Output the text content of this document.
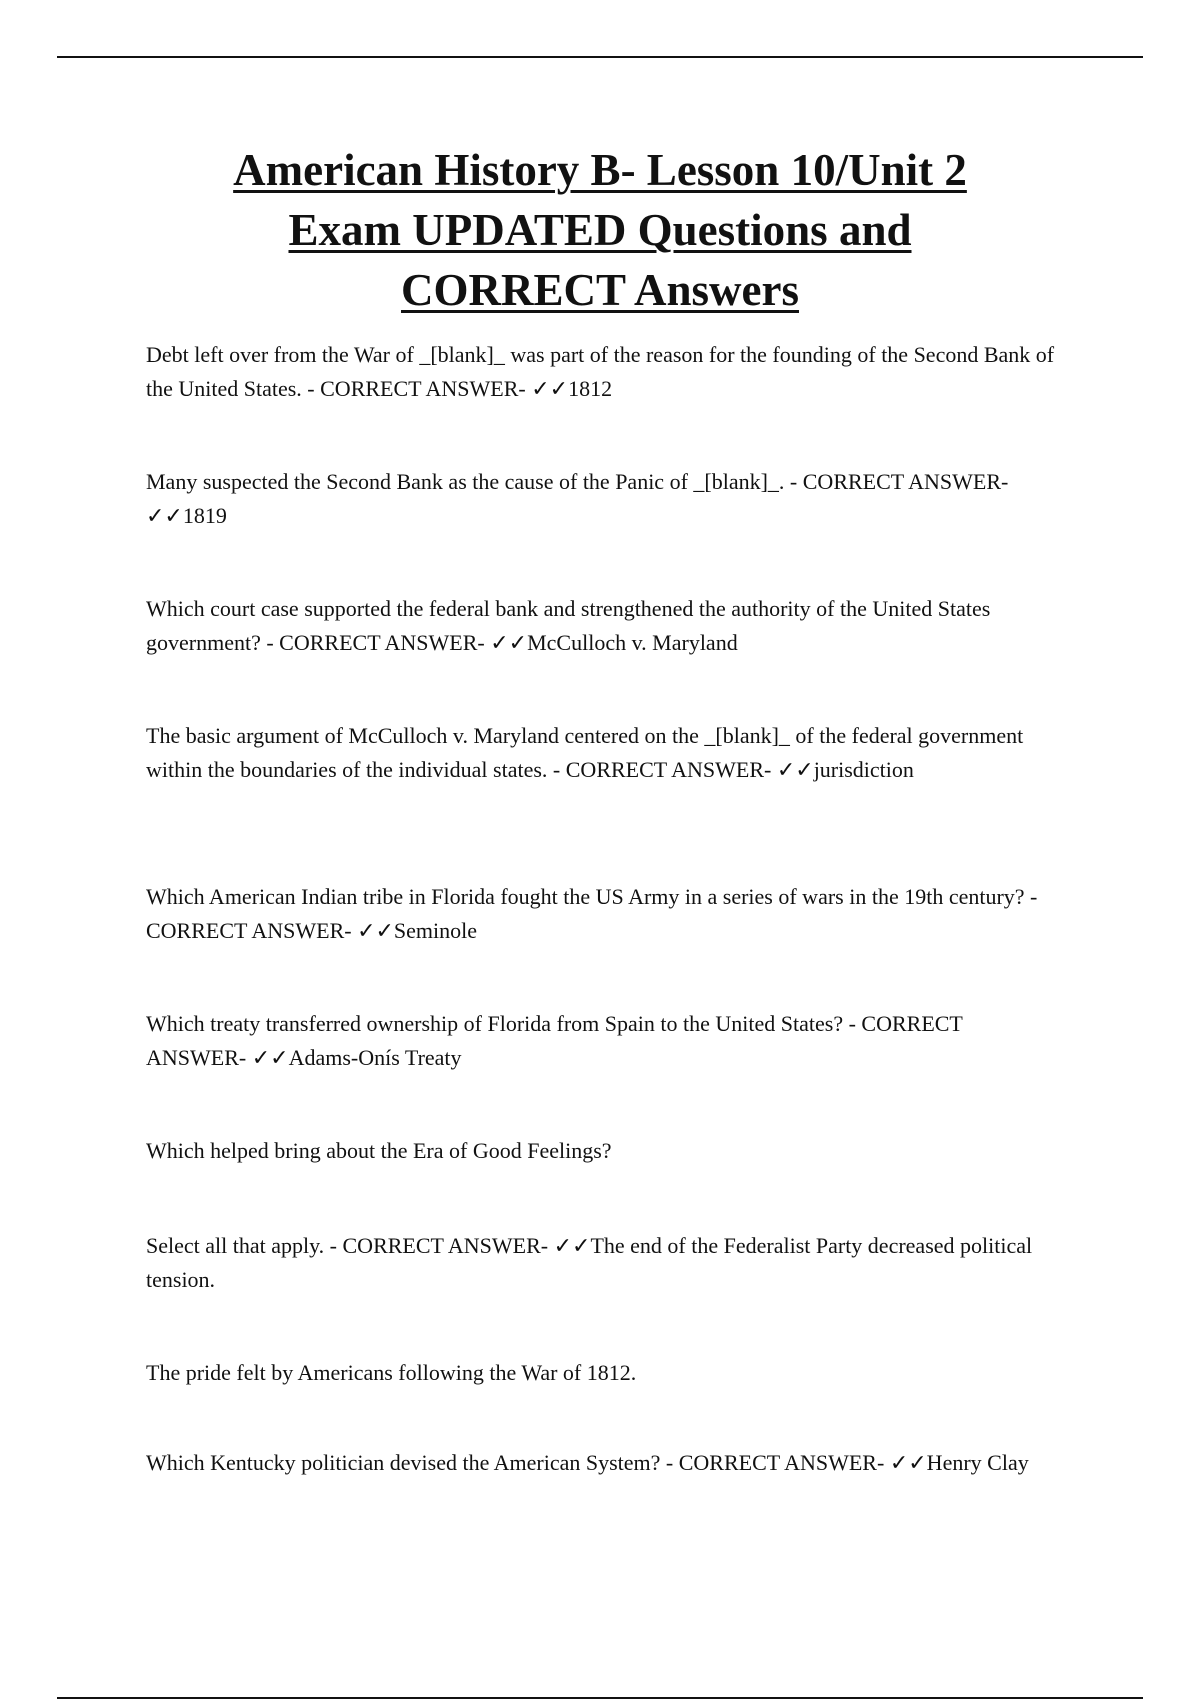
American History B- Lesson 10/Unit 2
Exam UPDATED Questions and
CORRECT Answers

Debt left over from the War of _[blank]_ was part of the reason for the founding of the Second Bank of the United States. - CORRECT ANSWER- ✓✓1812

Many suspected the Second Bank as the cause of the Panic of _[blank]_. - CORRECT ANSWER- ✓✓1819

Which court case supported the federal bank and strengthened the authority of the United States government? - CORRECT ANSWER- ✓✓McCulloch v. Maryland

The basic argument of McCulloch v. Maryland centered on the _[blank]_ of the federal government within the boundaries of the individual states. - CORRECT ANSWER- ✓✓jurisdiction

Which American Indian tribe in Florida fought the US Army in a series of wars in the 19th century? - CORRECT ANSWER- ✓✓Seminole

Which treaty transferred ownership of Florida from Spain to the United States? - CORRECT ANSWER- ✓✓Adams-Onís Treaty

Which helped bring about the Era of Good Feelings?

Select all that apply. - CORRECT ANSWER- ✓✓The end of the Federalist Party decreased political tension.

The pride felt by Americans following the War of 1812.

Which Kentucky politician devised the American System? - CORRECT ANSWER- ✓✓Henry Clay
